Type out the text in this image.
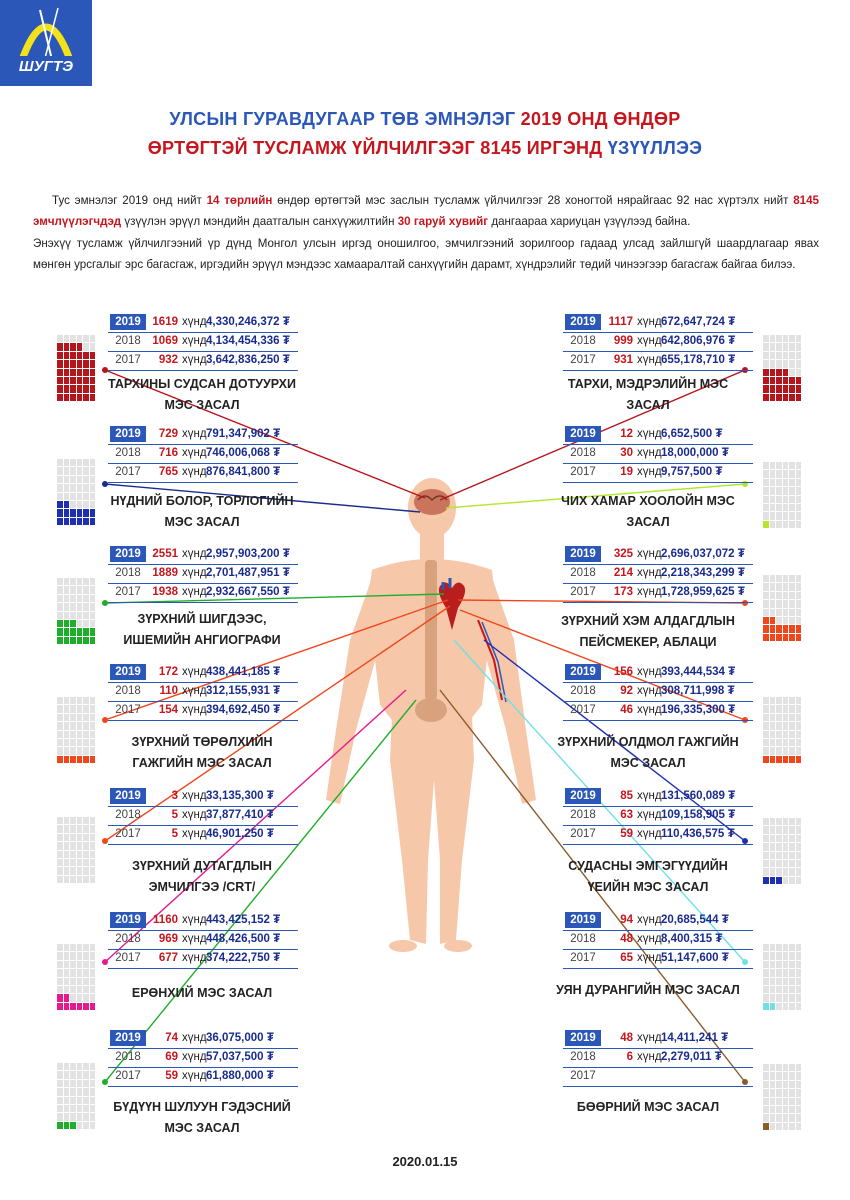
ШУГТЭ
УЛСЫН ГУРАВДУГААР ТӨВ ЭМНЭЛЭГ 2019 ОНД ӨНДӨР
ӨРТӨГТЭЙ ТУСЛАМЖ ҮЙЛЧИЛГЭЭГ 8145 ИРГЭНД ҮЗҮҮЛЛЭЭ
Тус эмнэлэг 2019 онд нийт 14 төрлийн өндөр өртөгтэй мэс заслын тусламж үйлчилгээг 28 хоногтой нярайгаас 92 нас хүртэлх нийт 8145 эмчлүүлэгчдэд үзүүлэн эрүүл мэндийн даатгалын санхүүжилтийн 30 гаруй хувийг дангаараа хариуцан үзүүлээд байна.
Энэхүү тусламж үйлчилгээний үр дүнд Монгол улсын иргэд оношилгоо, эмчилгээний зорилгоор гадаад улсад зайлшгүй шаардлагаар явах мөнгөн урсгалыг эрс багасгаж, иргэдийн эрүүл мэндээс хамааралтай санхүүгийн дарамт, хүндрэлийг төдий чинээгээр багасгаж байгаа билээ.
2019	1619 хүнд 4,330,246,372 ₮
2018	1069 хүнд 4,134,454,336 ₮
2017	932 хүнд 3,642,836,250 ₮
ТАРХИНЫ СУДСАН ДОТУУРХИ МЭС ЗАСАЛ
2019	729 хүнд 791,347,902 ₮
2018	716 хүнд 746,006,068 ₮
2017	765 хүнд 876,841,800 ₮
НҮДНИЙ БОЛОР, ТОРЛОГИЙН МЭС ЗАСАЛ
2019	2551 хүнд 2,957,903,200 ₮
2018	1889 хүнд 2,701,487,951 ₮
2017	1938 хүнд 2,932,667,550 ₮
ЗҮРХНИЙ ШИГДЭЭС, ИШЕМИЙН АНГИОГРАФИ
2019	172 хүнд 438,441,185 ₮
2018	110 хүнд 312,155,931 ₮
2017	154 хүнд 394,692,450 ₮
ЗҮРХНИЙ ТӨРӨЛХИЙН ГАЖГИЙН МЭС ЗАСАЛ
2019	3 хүнд 33,135,300 ₮
2018	5 хүнд 37,877,410 ₮
2017	5 хүнд 46,901,250 ₮
ЗҮРХНИЙ ДУТАГДЛЫН ЭМЧИЛГЭЭ /CRT/
2019	1160 хүнд 443,425,152 ₮
2018	969 хүнд 448,426,500 ₮
2017	677 хүнд 374,222,750 ₮
ЕРӨНХИЙ МЭС ЗАСАЛ
2019	74 хүнд 36,075,000 ₮
2018	69 хүнд 57,037,500 ₮
2017	59 хүнд 61,880,000 ₮
БҮДҮҮН ШУЛУУН ГЭДЭСНИЙ МЭС ЗАСАЛ
2019	1117 хүнд 672,647,724 ₮
2018	999 хүнд 642,806,976 ₮
2017	931 хүнд 655,178,710 ₮
ТАРХИ, МЭДРЭЛИЙН МЭС ЗАСАЛ
2019	12 хүнд 6,652,500 ₮
2018	30 хүнд 18,000,000 ₮
2017	19 хүнд 9,757,500 ₮
ЧИХ ХАМАР ХООЛОЙН МЭС ЗАСАЛ
2019	325 хүнд 2,696,037,072 ₮
2018	214 хүнд 2,218,343,299 ₮
2017	173 хүнд 1,728,959,625 ₮
ЗҮРХНИЙ ХЭМ АЛДАГДЛЫН ПЕЙСМЕКЕР, АБЛАЦИ
2019	156 хүнд 393,444,534 ₮
2018	92 хүнд 308,711,998 ₮
2017	46 хүнд 196,335,300 ₮
ЗҮРХНИЙ ОЛДМОЛ ГАЖГИЙН МЭС ЗАСАЛ
2019	85 хүнд 131,560,089 ₮
2018	63 хүнд 109,158,905 ₮
2017	59 хүнд 110,436,575 ₮
СУДАСНЫ ЭМГЭГҮҮДИЙН ҮЕИЙН МЭС ЗАСАЛ
2019	94 хүнд 20,685,544 ₮
2018	48 хүнд 8,400,315 ₮
2017	65 хүнд 51,147,600 ₮
УЯН ДУРАНГИЙН МЭС ЗАСАЛ
2019	48 хүнд 14,411,241 ₮
2018	6 хүнд 2,279,011 ₮
2017
БӨӨРНИЙ МЭС ЗАСАЛ
2020.01.15
